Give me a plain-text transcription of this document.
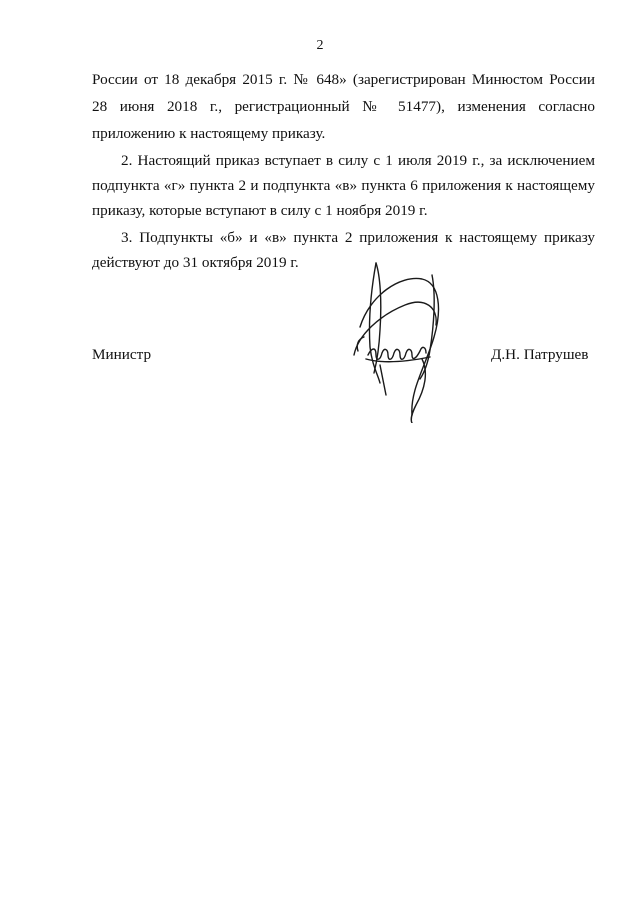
2
России от 18 декабря 2015 г. № 648» (зарегистрирован Минюстом России
28 июня 2018 г., регистрационный № 51477), изменения согласно
приложению к настоящему приказу.
2. Настоящий приказ вступает в силу с 1 июля 2019 г., за исключением
подпункта «г» пункта 2 и подпункта «в» пункта 6 приложения к настоящему
приказу, которые вступают в силу с 1 ноября 2019 г.
3. Подпункты «б» и «в» пункта 2 приложения к настоящему приказу
действуют до 31 октября 2019 г.
Министр	Д.Н. Патрушев
